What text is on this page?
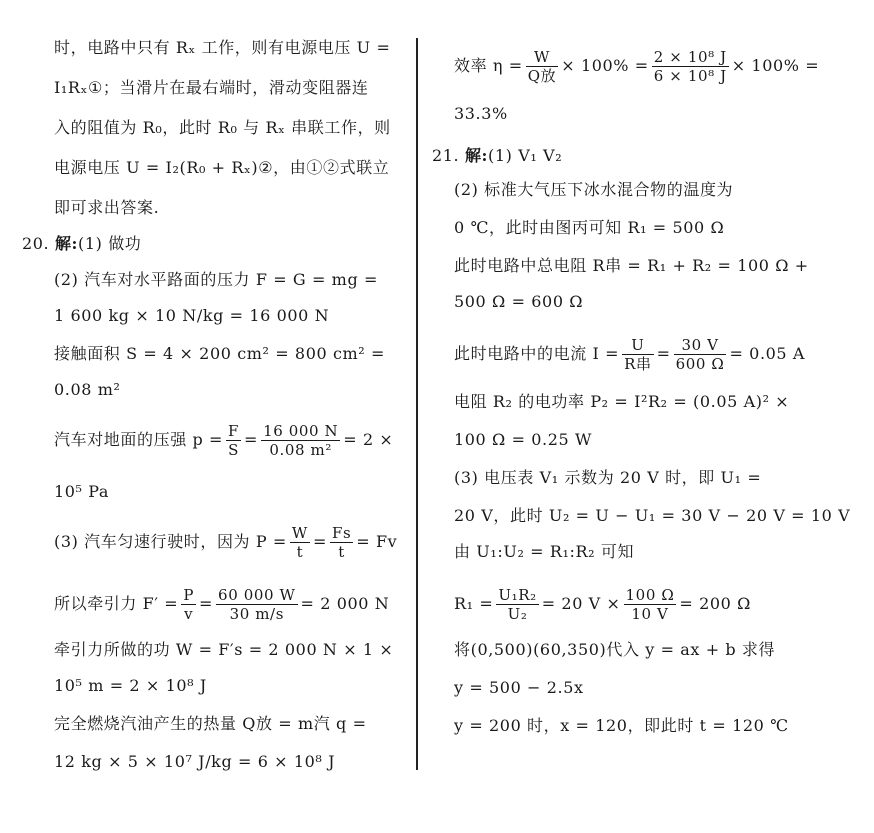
时，电路中只有 Rₓ 工作，则有电源电压 U =
I₁Rₓ①；当滑片在最右端时，滑动变阻器连
入的阻值为 R₀，此时 R₀ 与 Rₓ 串联工作，则
电源电压 U = I₂(R₀ + Rₓ)②，由①②式联立
即可求出答案.
20. 解:(1) 做功
(2) 汽车对水平路面的压力 F = G = mg =
1 600 kg × 10 N/kg = 16 000 N
接触面积 S = 4 × 200 cm² = 800 cm² =
0.08 m²
汽车对地面的压强 $p = \frac{F}{S} = \frac{16 000 N}{\text{0.08 m²}} = 2$ ×
10⁵ Pa
(3) 汽车匀速行驶时，因为 $P = \frac{W}{t} = \frac{Fs}{t} = Fv$
所以牵引力 $F' = \frac{P}{v} = \frac{60 000 W}{30 m/s} = 2$ 000 N
牵引力所做的功 W = F′s = 2 000 N × 1 ×
10⁵ m = 2 × 10⁸ J
完全燃烧汽油产生的热量 Q放 = m汽 q =
12 kg × 5 × 10⁷ J/kg = 6 × 10⁸ J
效率 $\eta = \frac{W}{\text{Q放}} \times 100\% = \frac{\text{2 × 10⁸ J}}{\text{6 × 10⁸ J}} \times 100\%$ =
33.3%
21. 解:(1) V₁ V₂
(2) 标准大气压下冰水混合物的温度为
0 ℃，此时由图丙可知 R₁ = 500 Ω
此时电路中总电阻 R串 = R₁ + R₂ = 100 Ω +
500 Ω = 600 Ω
此时电路中的电流 $I = \frac{U}{\text{R串}} = \frac{30 V}{600 \Omega} = 0.05$ A
电阻 R₂ 的电功率 P₂ = I²R₂ = (0.05 A)² ×
100 Ω = 0.25 W
(3) 电压表 V₁ 示数为 20 V 时，即 U₁ =
20 V，此时 U₂ = U − U₁ = 30 V − 20 V = 10 V
由 U₁:U₂ = R₁:R₂ 可知
$R_1 = \frac{\text{U₁R₂}}{\text{U₂}} = 20$ $V \times \frac{100 \Omega}{10 V} = 200$ Ω
将(0,500)(60,350)代入 y = ax + b 求得
y = 500 − 2.5x
y = 200 时，x = 120，即此时 t = 120 ℃
